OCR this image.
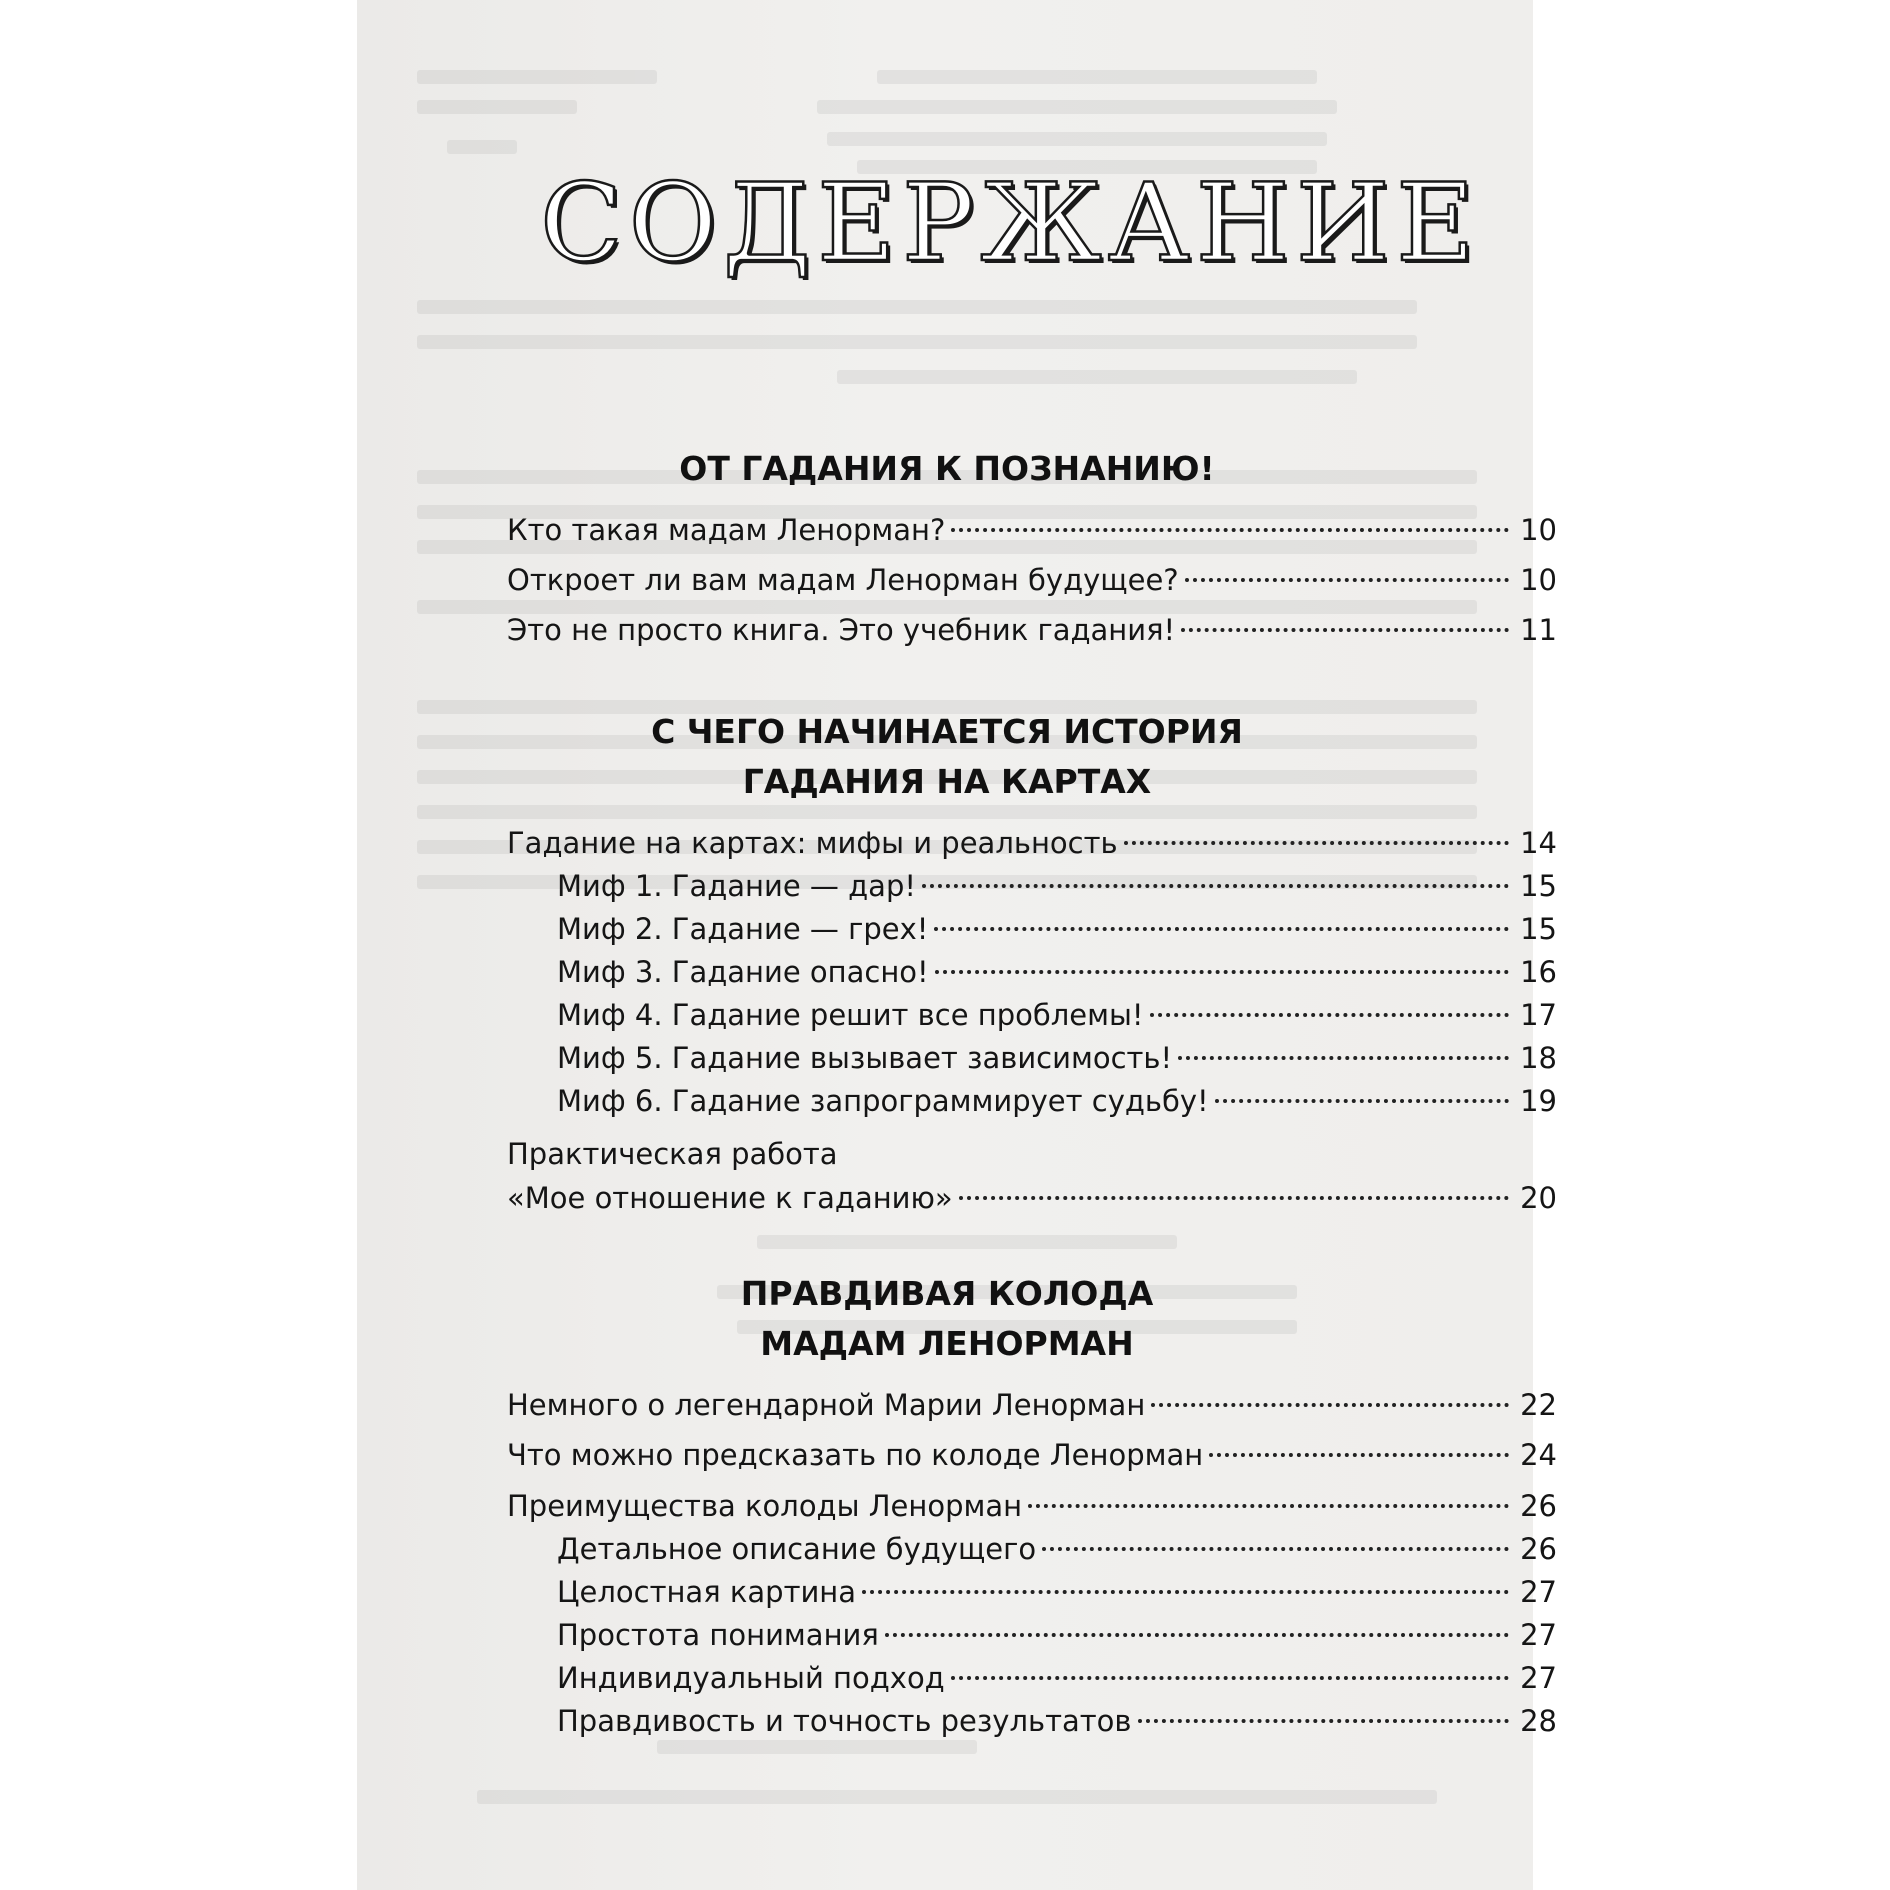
СОДЕРЖАНИЕ
ОТ ГАДАНИЯ К ПОЗНАНИЮ!
Кто такая мадам Ленорман?	10
Откроет ли вам мадам Ленорман будущее?	10
Это не просто книга. Это учебник гадания!	11
С ЧЕГО НАЧИНАЕТСЯ ИСТОРИЯ
ГАДАНИЯ НА КАРТАХ
Гадание на картах: мифы и реальность	14
Миф 1. Гадание — дар!	15
Миф 2. Гадание — грех!	15
Миф 3. Гадание опасно!	16
Миф 4. Гадание решит все проблемы!	17
Миф 5. Гадание вызывает зависимость!	18
Миф 6. Гадание запрограммирует судьбу!	19
Практическая работа
«Мое отношение к гаданию»	20
ПРАВДИВАЯ КОЛОДА
МАДАМ ЛЕНОРМАН
Немного о легендарной Марии Ленорман	22
Что можно предсказать по колоде Ленорман	24
Преимущества колоды Ленорман	26
Детальное описание будущего	26
Целостная картина	27
Простота понимания	27
Индивидуальный подход	27
Правдивость и точность результатов	28
